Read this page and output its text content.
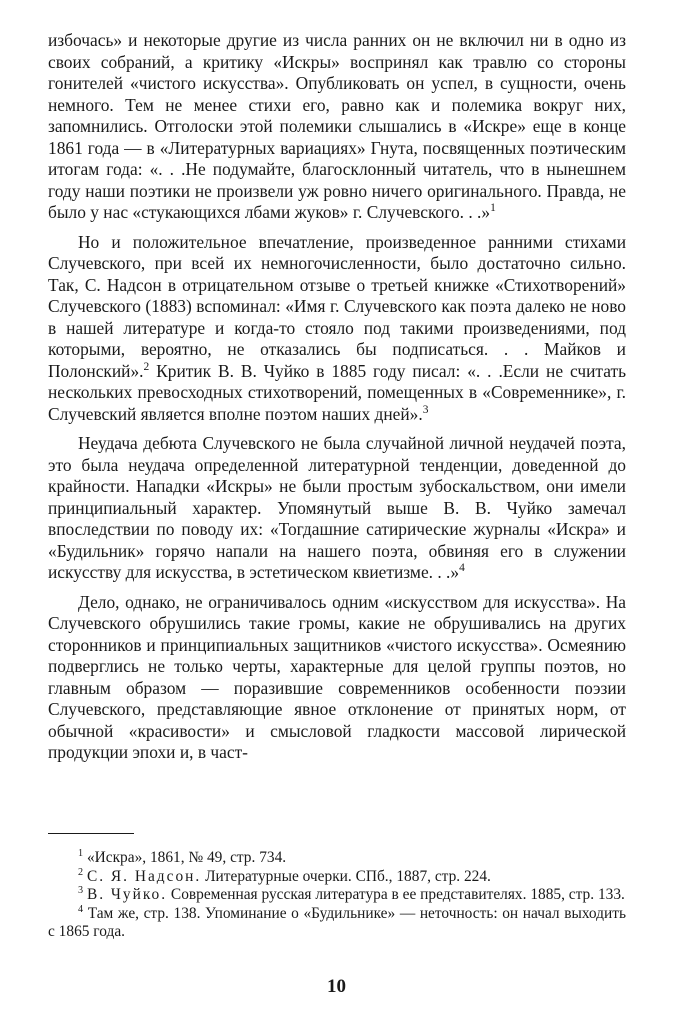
избочась» и некоторые другие из числа ранних он не включил ни в одно из своих собраний, а критику «Искры» воспринял как травлю со стороны гонителей «чистого искусства». Опубликовать он успел, в сущности, очень немного. Тем не менее стихи его, равно как и полемика вокруг них, запомнились. Отголоски этой полемики слышались в «Искре» еще в конце 1861 года — в «Литературных вариациях» Гнута, посвященных поэтическим итогам года: «. . .Не подумайте, благосклонный читатель, что в нынешнем году наши поэтики не произвели уж ровно ничего оригинального. Правда, не было у нас «стукающихся лбами жуков» г. Случевского. . .»$^1$

Но и положительное впечатление, произведенное ранними стихами Случевского, при всей их немногочисленности, было достаточно сильно. Так, С. Надсон в отрицательном отзыве о третьей книжке «Стихотворений» Случевского (1883) вспоминал: «Имя г. Случевского как поэта далеко не ново в нашей литературе и когда-то стояло под такими произведениями, под которыми, вероятно, не отказались бы подписаться. . . Майков и Полонский».$^2$ Критик В. В. Чуйко в 1885 году писал: «. . .Если не считать нескольких превосходных стихотворений, помещенных в «Современнике», г. Случевский является вполне поэтом наших дней».$^3$

Неудача дебюта Случевского не была случайной личной неудачей поэта, это была неудача определенной литературной тенденции, доведенной до крайности. Нападки «Искры» не были простым зубоскальством, они имели принципиальный характер. Упомянутый выше В. В. Чуйко замечал впоследствии по поводу их: «Тогдашние сатирические журналы «Искра» и «Будильник» горячо напали на нашего поэта, обвиняя его в служении искусству для искусства, в эстетическом квиетизме. . .»$^4$

Дело, однако, не ограничивалось одним «искусством для искусства». На Случевского обрушились такие громы, какие не обрушивались на других сторонников и принципиальных защитников «чистого искусства». Осмеянию подверглись не только черты, характерные для целой группы поэтов, но главным образом — поразившие современников особенности поэзии Случевского, представляющие явное отклонение от принятых норм, от обычной «красивости» и смысловой гладкости массовой лирической продукции эпохи и, в част-

$^1$ «Искра», 1861, № 49, стр. 734.

$^2$ С. Я. Надсон. Литературные очерки. СПб., 1887, стр. 224.

$^3$ В. Чуйко. Современная русская литература в ее представителях. 1885, стр. 133.

$^4$ Там же, стр. 138. Упоминание о «Будильнике» — неточность: он начал выходить с 1865 года.

10
